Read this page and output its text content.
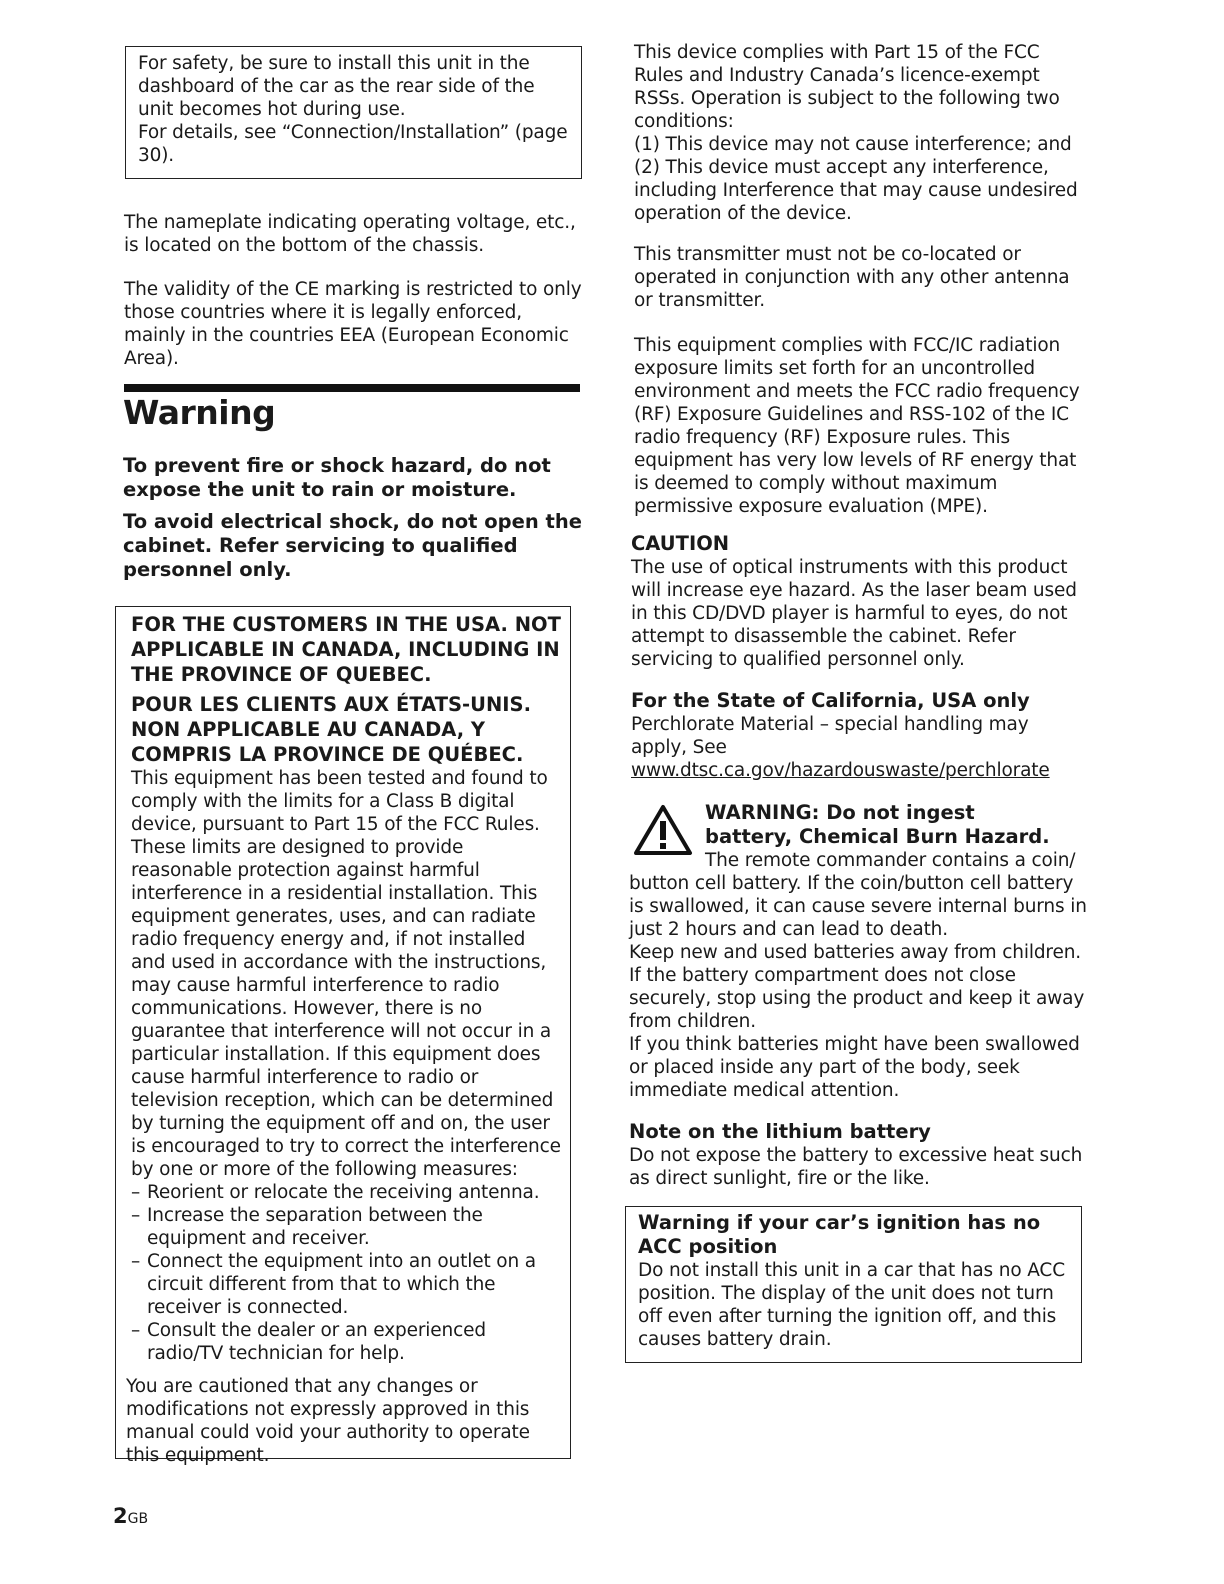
For safety, be sure to install this unit in the dashboard of the car as the rear side of the unit becomes hot during use.

For details, see “Connection/Installation” (page 30).

The nameplate indicating operating voltage, etc., is located on the bottom of the chassis.

The validity of the CE marking is restricted to only those countries where it is legally enforced, mainly in the countries EEA (European Economic Area).

Warning

To prevent fire or shock hazard, do not expose the unit to rain or moisture.

To avoid electrical shock, do not open the cabinet. Refer servicing to qualified personnel only.

FOR THE CUSTOMERS IN THE USA. NOT APPLICABLE IN CANADA, INCLUDING IN THE PROVINCE OF QUEBEC.

POUR LES CLIENTS AUX ÉTATS-UNIS. NON APPLICABLE AU CANADA, Y COMPRIS LA PROVINCE DE QUÉBEC.

This equipment has been tested and found to comply with the limits for a Class B digital device, pursuant to Part 15 of the FCC Rules. These limits are designed to provide reasonable protection against harmful interference in a residential installation. This equipment generates, uses, and can radiate radio frequency energy and, if not installed and used in accordance with the instructions, may cause harmful interference to radio communications. However, there is no guarantee that interference will not occur in a particular installation. If this equipment does cause harmful interference to radio or television reception, which can be determined by turning the equipment off and on, the user is encouraged to try to correct the interference by one or more of the following measures:

– Reorient or relocate the receiving antenna.
– Increase the separation between the equipment and receiver.
– Connect the equipment into an outlet on a circuit different from that to which the receiver is connected.
– Consult the dealer or an experienced radio/TV technician for help.

You are cautioned that any changes or modifications not expressly approved in this manual could void your authority to operate this equipment.

This device complies with Part 15 of the FCC Rules and Industry Canada’s licence-exempt RSSs. Operation is subject to the following two conditions:

(1) This device may not cause interference; and

(2) This device must accept any interference, including Interference that may cause undesired operation of the device.

This transmitter must not be co-located or operated in conjunction with any other antenna or transmitter.

This equipment complies with FCC/IC radiation exposure limits set forth for an uncontrolled environment and meets the FCC radio frequency (RF) Exposure Guidelines and RSS-102 of the IC radio frequency (RF) Exposure rules. This equipment has very low levels of RF energy that is deemed to comply without maximum permissive exposure evaluation (MPE).

CAUTION

The use of optical instruments with this product will increase eye hazard. As the laser beam used in this CD/DVD player is harmful to eyes, do not attempt to disassemble the cabinet. Refer servicing to qualified personnel only.

For the State of California, USA only

Perchlorate Material – special handling may apply, See

www.dtsc.ca.gov/hazardouswaste/perchlorate

WARNING: Do not ingest battery, Chemical Burn Hazard.

The remote commander contains a coin/ button cell battery. If the coin/button cell battery is swallowed, it can cause severe internal burns in just 2 hours and can lead to death.

Keep new and used batteries away from children. If the battery compartment does not close securely, stop using the product and keep it away from children.

If you think batteries might have been swallowed or placed inside any part of the body, seek immediate medical attention.

Note on the lithium battery

Do not expose the battery to excessive heat such as direct sunlight, fire or the like.

Warning if your car’s ignition has no ACC position

Do not install this unit in a car that has no ACC position. The display of the unit does not turn off even after turning the ignition off, and this causes battery drain.

2GB
